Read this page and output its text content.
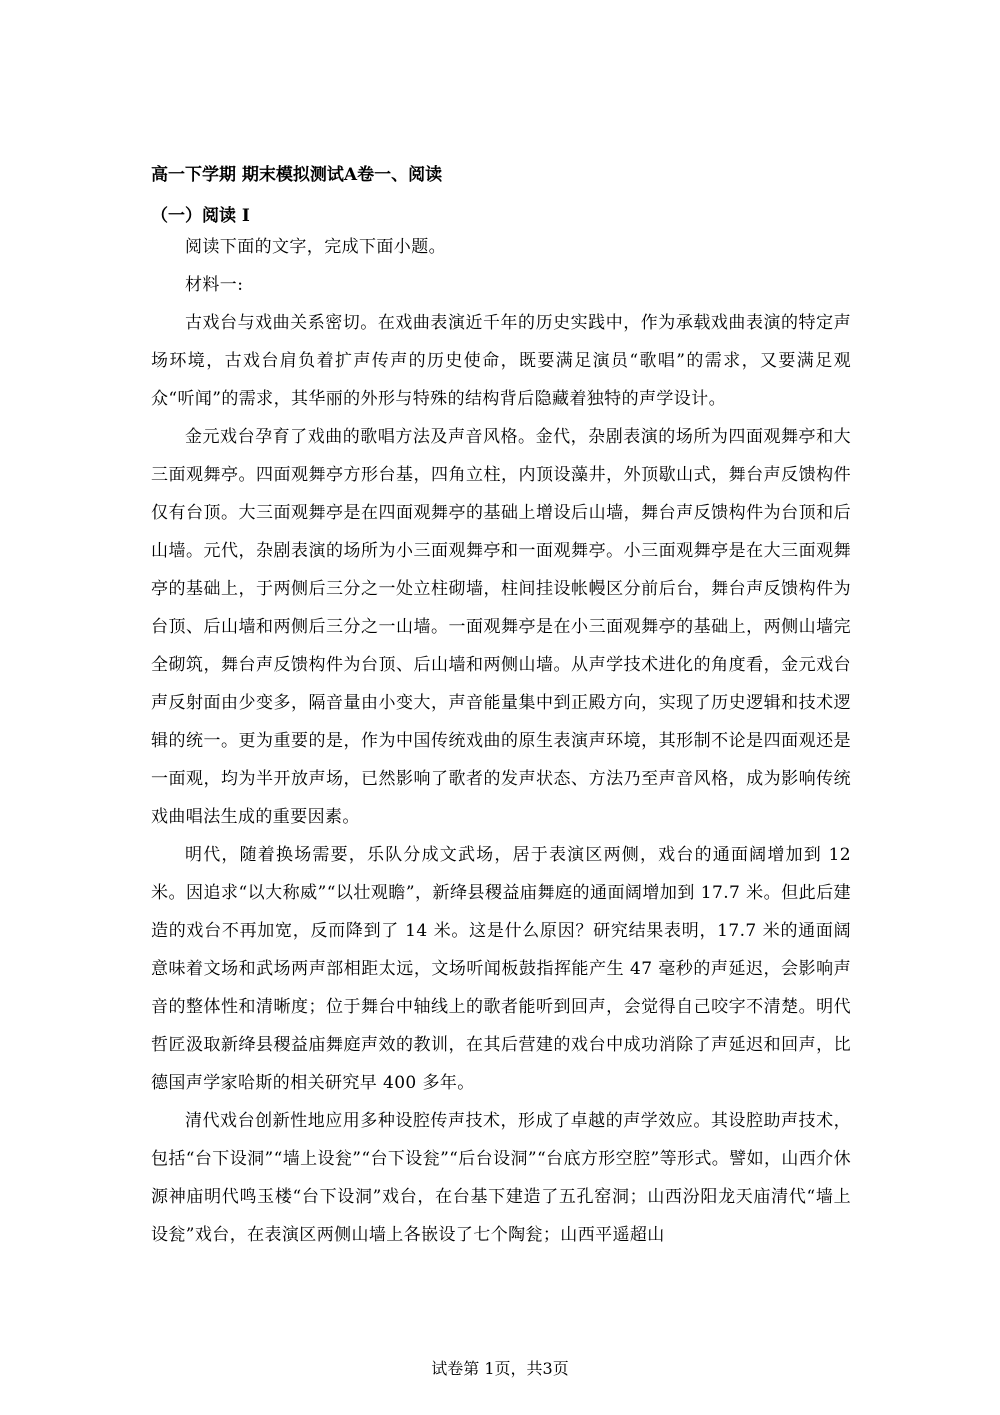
高一下学期 期末模拟测试A卷一、阅读
（一）阅读 I

阅读下面的文字，完成下面小题。

材料一:

古戏台与戏曲关系密切。在戏曲表演近千年的历史实践中，作为承载戏曲表演的特定声场环境，古戏台肩负着扩声传声的历史使命，既要满足演员“歌唱”的需求，又要满足观众“听闻”的需求，其华丽的外形与特殊的结构背后隐藏着独特的声学设计。

金元戏台孕育了戏曲的歌唱方法及声音风格。金代，杂剧表演的场所为四面观舞亭和大三面观舞亭。四面观舞亭方形台基，四角立柱，内顶设藻井，外顶歇山式，舞台声反馈构件仅有台顶。大三面观舞亭是在四面观舞亭的基础上增设后山墙，舞台声反馈构件为台顶和后山墙。元代，杂剧表演的场所为小三面观舞亭和一面观舞亭。小三面观舞亭是在大三面观舞亭的基础上，于两侧后三分之一处立柱砌墙，柱间挂设帐幔区分前后台，舞台声反馈构件为台顶、后山墙和两侧后三分之一山墙。一面观舞亭是在小三面观舞亭的基础上，两侧山墙完全砌筑，舞台声反馈构件为台顶、后山墙和两侧山墙。从声学技术进化的角度看，金元戏台声反射面由少变多，隔音量由小变大，声音能量集中到正殿方向，实现了历史逻辑和技术逻辑的统一。更为重要的是，作为中国传统戏曲的原生表演声环境，其形制不论是四面观还是一面观，均为半开放声场，已然影响了歌者的发声状态、方法乃至声音风格，成为影响传统戏曲唱法生成的重要因素。

明代，随着换场需要，乐队分成文武场，居于表演区两侧，戏台的通面阔增加到 12 米。因追求“以大称威”“以壮观瞻”，新绛县稷益庙舞庭的通面阔增加到 17.7 米。但此后建造的戏台不再加宽，反而降到了 14 米。这是什么原因？研究结果表明，17.7 米的通面阔意味着文场和武场两声部相距太远，文场听闻板鼓指挥能产生 47 毫秒的声延迟，会影响声音的整体性和清晰度；位于舞台中轴线上的歌者能听到回声，会觉得自己咬字不清楚。明代哲匠汲取新绛县稷益庙舞庭声效的教训，在其后营建的戏台中成功消除了声延迟和回声，比德国声学家哈斯的相关研究早 400 多年。

清代戏台创新性地应用多种设腔传声技术，形成了卓越的声学效应。其设腔助声技术，包括“台下设洞”“墙上设瓮”“台下设瓮”“后台设洞”“台底方形空腔”等形式。譬如，山西介休源神庙明代鸣玉楼“台下设洞”戏台，在台基下建造了五孔窑洞；山西汾阳龙天庙清代“墙上设瓮”戏台，在表演区两侧山墙上各嵌设了七个陶瓮；山西平遥超山

试卷第 1页，共3页
